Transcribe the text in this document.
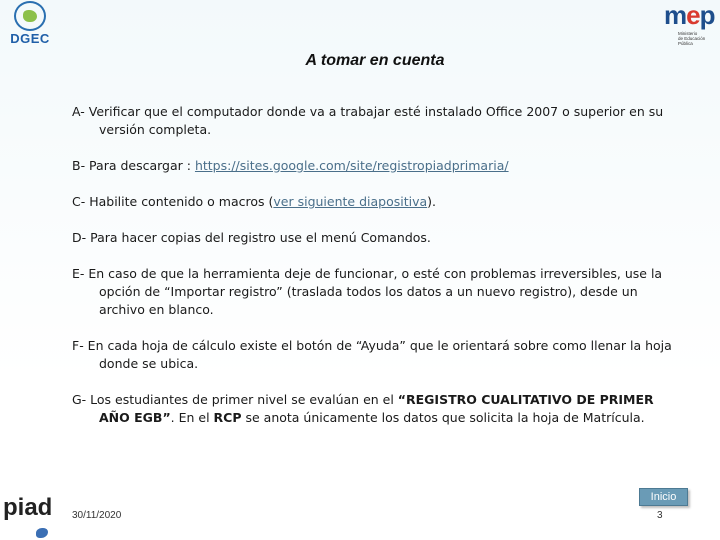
DGEC
mep
Ministerio
de Educación Pública
A tomar en cuenta
A- Verificar que el computador donde va a trabajar esté instalado Office 2007 o superior en su versión completa.
B- Para descargar : https://sites.google.com/site/registropiadprimaria/
C- Habilite contenido o macros (ver siguiente diapositiva).
D- Para hacer copias del registro use el menú Comandos.
E- En caso de que la herramienta deje de funcionar, o esté con problemas irreversibles, use la opción de “Importar registro” (traslada todos los datos a un nuevo registro), desde un archivo en blanco.
F- En cada hoja de cálculo existe el botón de “Ayuda” que le orientará sobre como llenar la hoja donde se ubica.
G- Los estudiantes de primer nivel se evalúan en el “REGISTRO CUALITATIVO DE PRIMER AÑO EGB”. En el RCP se anota únicamente los datos que solicita la hoja de Matrícula.
piad	Inicio
30/11/2020	3
